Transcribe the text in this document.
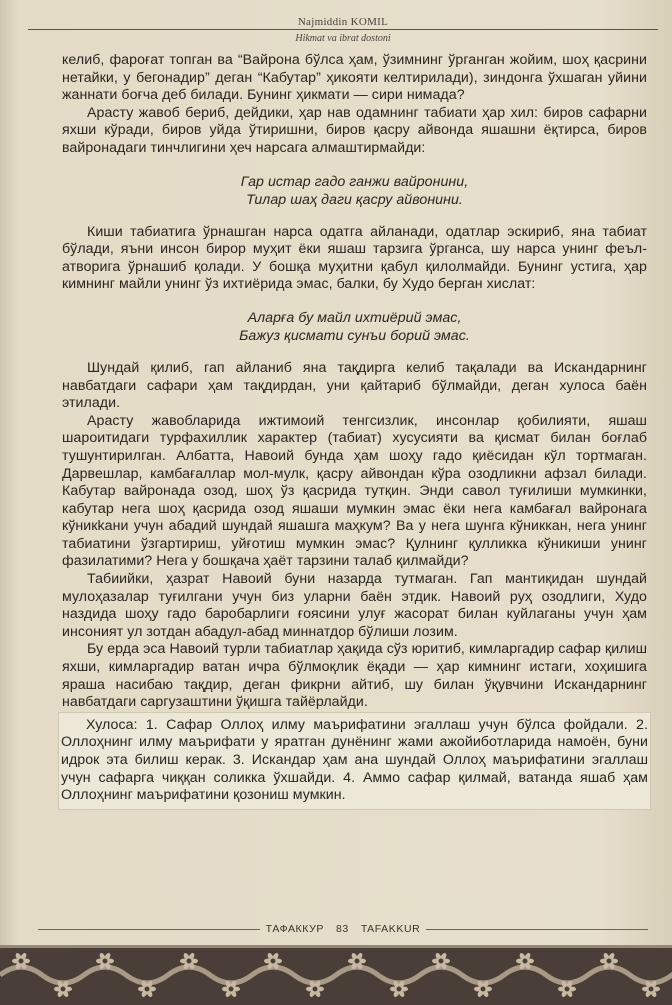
Najmiddin KOMIL
Hikmat va ibrat dostoni

келиб, фароғат топган ва “Вайрона бўлса ҳам, ўзимнинг ўрганган жойим, шоҳ қасрини нетайки, у бегонадир” деган “Кабутар” ҳикояти келтирилади), зиндонга ўхшаган уйини жаннати боғча деб билади. Бунинг ҳикмати — сири нимада?

Арасту жавоб бериб, дейдики, ҳар нав одамнинг табиати ҳар хил: биров сафарни яхши кўради, биров уйда ўтиришни, биров қасру айвонда яшашни ёқтирса, биров вайронадаги тинчлигини ҳеч нарсага алмаштирмайди:

Гар истар гадо ганжи вайронини,
Тилар шаҳ даги қасру айвонини.

Киши табиатига ўрнашган нарса одатга айланади, одатлар эскириб, яна табиат бўлади, яъни инсон бирор муҳит ёки яшаш тарзига ўрганса, шу нарса унинг феъл-атворига ўрнашиб қолади. У бошқа муҳитни қабул қилолмайди. Бунинг устига, ҳар кимнинг майли унинг ўз ихтиёрида эмас, балки, бу Худо берган хислат:

Аларға бу майл ихтиёрий эмас,
Бажуз қисмати сунъи борий эмас.

Шундай қилиб, гап айланиб яна тақдирга келиб тақалади ва Искандарнинг навбатдаги сафари ҳам тақдирдан, уни қайтариб бўлмайди, деган хулоса баён этилади.

Арасту жавобларида ижтимоий тенгсизлик, инсонлар қобилияти, яшаш шароитидаги турфахиллик характер (табиат) хусусияти ва қисмат билан боғлаб тушунтирилган. Албатта, Навоий бунда ҳам шоҳу гадо қиёсидан кўл тортмаган. Дарвешлар, камбағаллар мол-мулк, қасру айвондан кўра озодликни афзал билади. Кабутар вайронада озод, шоҳ ўз қасрида тутқин. Энди савол туғилиши мумкинки, кабутар нега шоҳ қасрида озод яшаши мумкин эмас ёки нега камбағал вайронага кўникkани учун абадий шундай яшашга маҳкум? Ва у нега шунга кўниккан, нега унинг табиатини ўзгартириш, уйғотиш мумкин эмас? Қулнинг қулликка кўникиши унинг фазилатими? Нега у бошқача ҳаёт тарзини талаб қилмайди?

Табиийки, ҳазрат Навоий буни назарда тутмаган. Гап мантиқидан шундай мулоҳазалар туғилгани учун биз уларни баён этдик. Навоий руҳ озодлиги, Худо наздида шоҳу гадо баробарлиги ғоясини улуғ жасорат билан куйлаганы учун ҳам инсоният ул зотдан абадул-абад миннатдор бўлиши лозим.

Бу ерда эса Навоий турли табиатлар ҳақида сўз юритиб, кимларгадир сафар қилиш яхши, кимларгадир ватан ичра бўлмоқлик ёқади — ҳар кимнинг истаги, хоҳишига яраша насибаю тақдир, деган фикрни айтиб, шу билан ўқувчини Искандарнинг навбатдаги саргузаштини ўқишга тайёрлайди.

Хулоса: 1. Сафар Оллоҳ илму маърифатини эгаллаш учун бўлса фойдали. 2. Оллоҳнинг илму маърифати у яратган дунёнинг жами ажойиботларида намоён, буни идрок эта билиш керак. 3. Искандар ҳам ана шундай Оллоҳ маърифатини эгаллаш учун сафарга чиққан соликка ўхшайди. 4. Аммо сафар қилмай, ватанда яшаб ҳам Оллоҳнинг маърифатини қозониш мумкин.

ТАФАККУР	83	TAFAKKUR
